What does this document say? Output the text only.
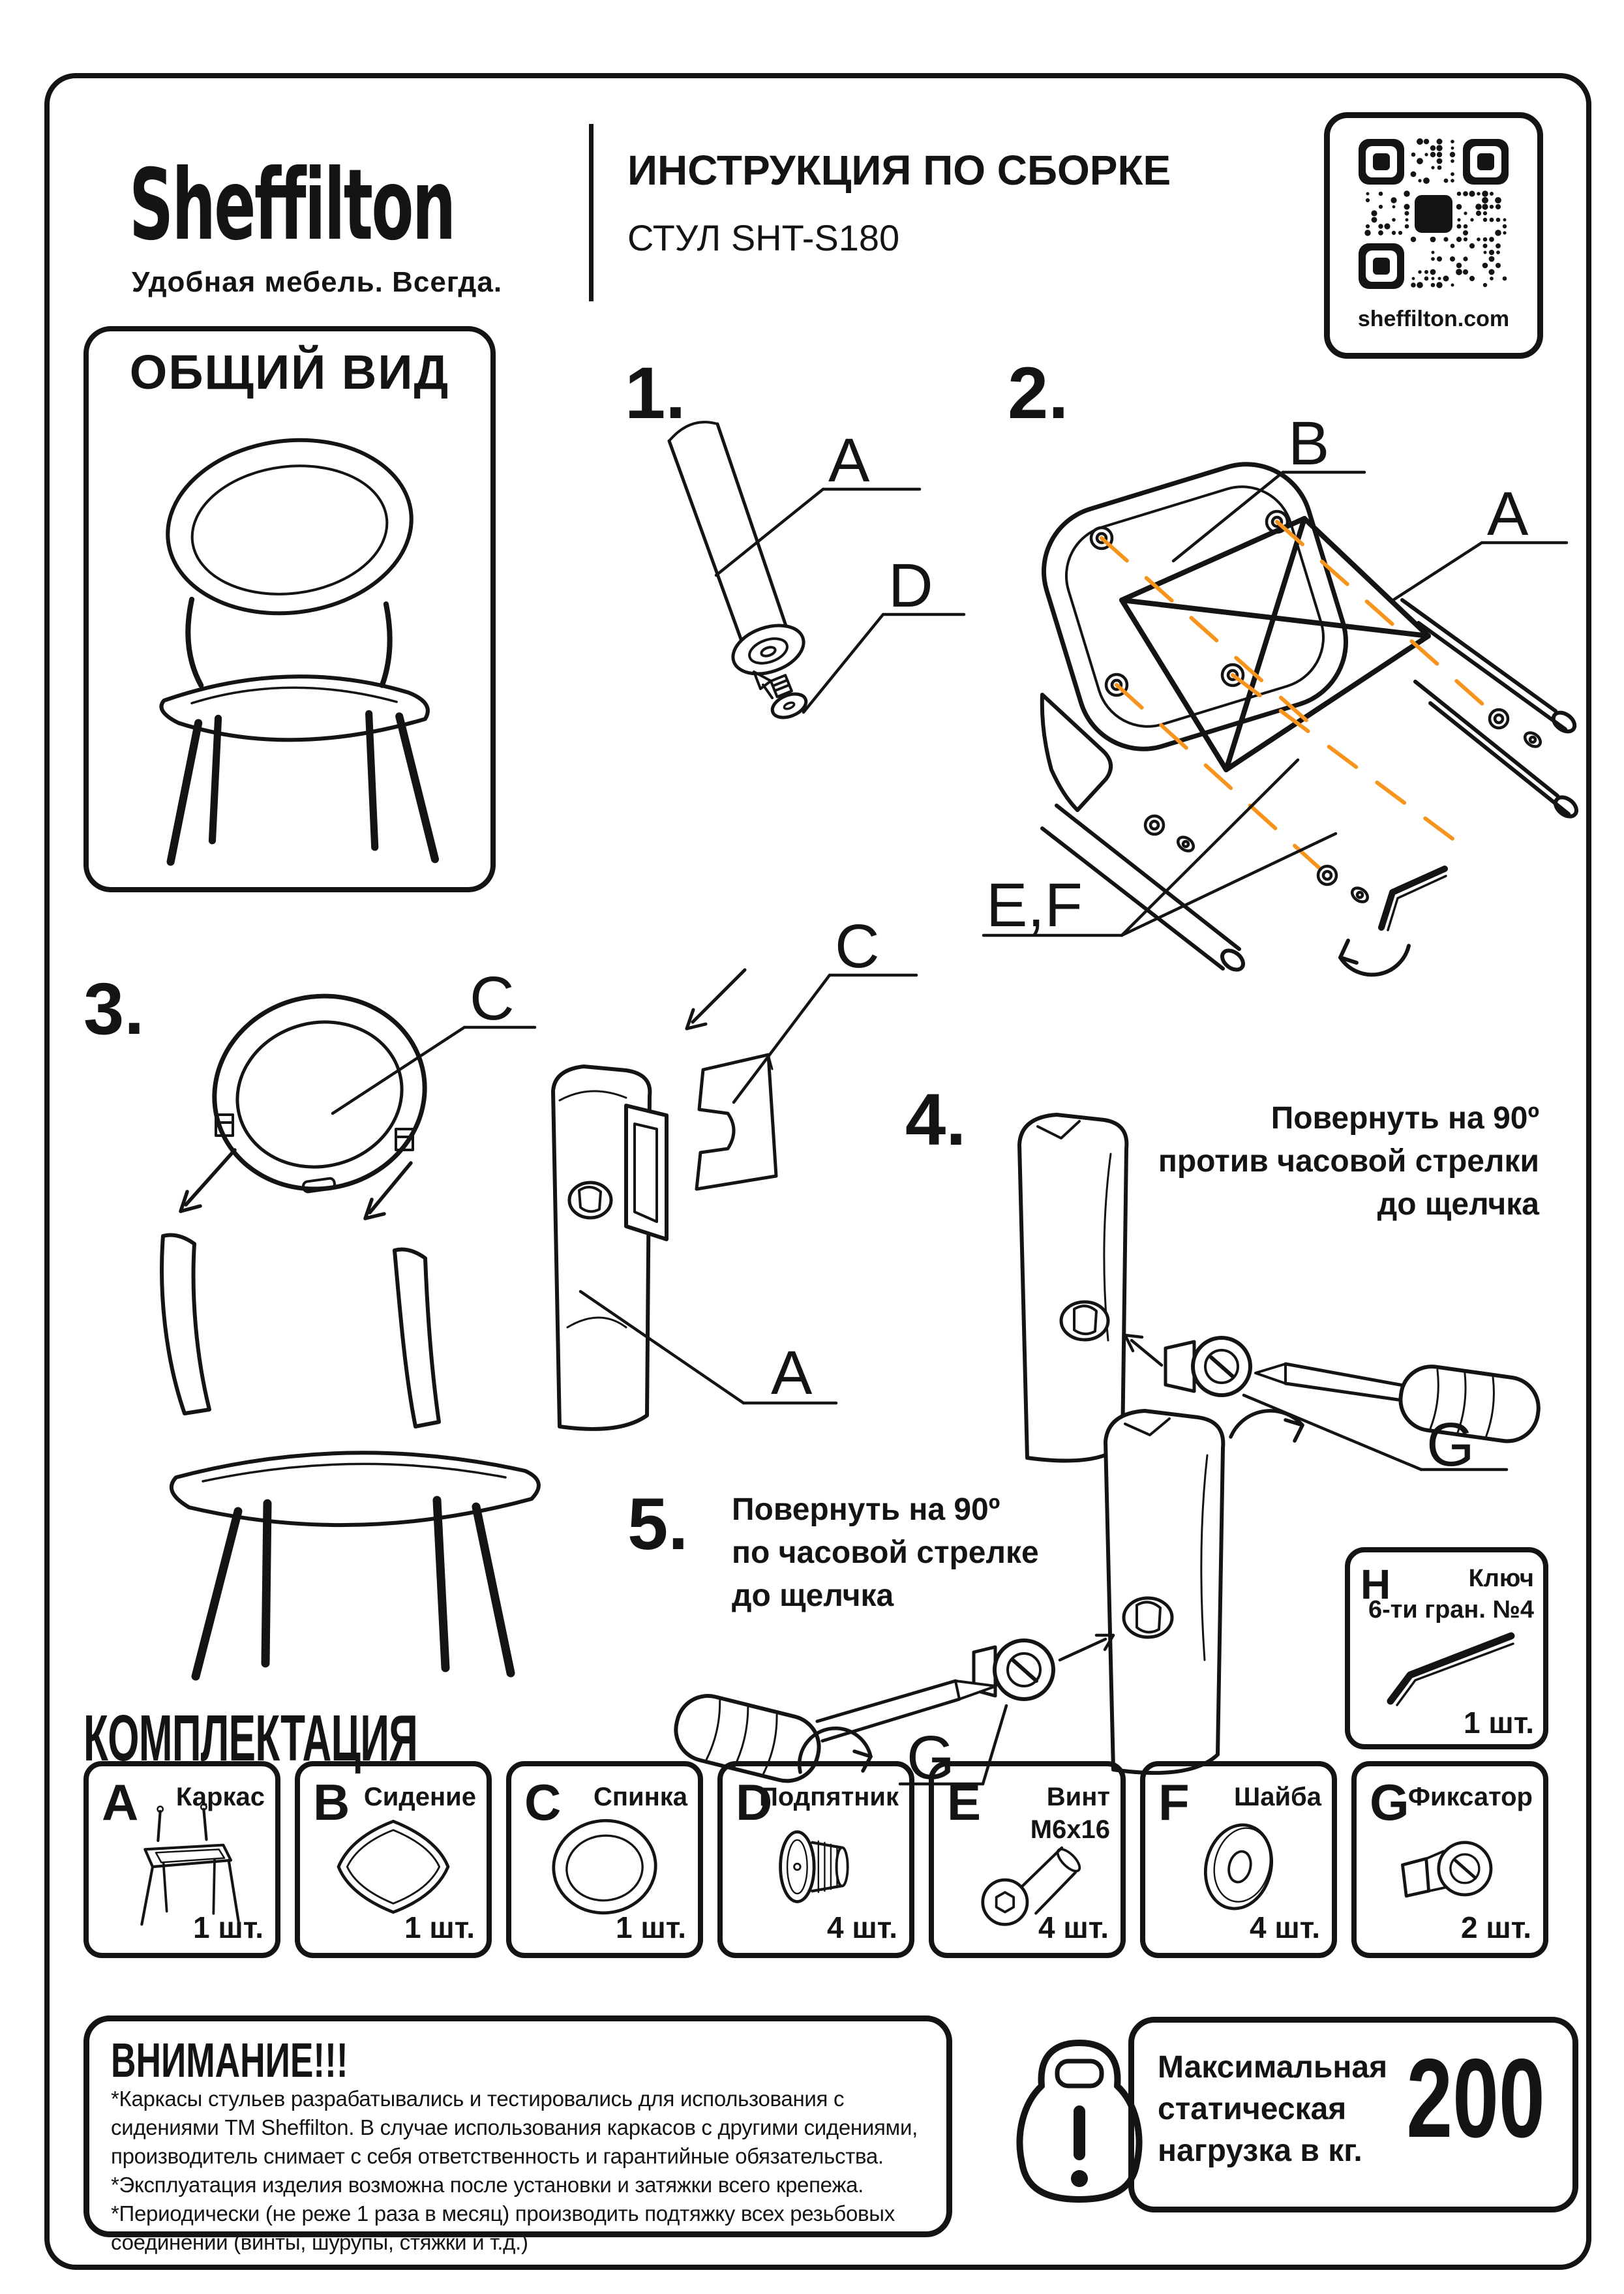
Sheffilton
Удобная мебель. Всегда.
ИНСТРУКЦИЯ ПО СБОРКЕ
СТУЛ SHT-S180
Sh
sheffilton.com
ОБЩИЙ ВИД	1.
A
D
2.
B
A
E,F
3.	C
C
A
4.	Повернуть на 90º
против часовой стрелки
до щелчка
G
5. Повернуть на 90º
по часовой стрелке
до щелчка
G
H	Ключ
6-ти гран. №4
1 шт.
КОМПЛЕКТАЦИЯ
A Каркас
1 шт.
B Сидение
1 шт.
C Спинка
1 шт.
D
Подпятник
4 шт.
E	Винт
М6х16
4 шт.
F Шайба
4 шт.
G
Фиксатор
2 шт.
ВНИМАНИЕ!!!
*Каркасы стульев разрабатывались и тестировались для использования с сидениями ТМ Sheffilton. В случае использования каркасов с другими сидениями, производитель снимает с себя ответственность и гарантийные обязательства.
*Эксплуатация изделия возможна после установки и затяжки всего крепежа.
*Периодически (не реже 1 раза в месяц) производить подтяжку всех резьбовых соединений (винты, шурупы, стяжки и т.д.)
Максимальная
статическая
нагрузка в кг. 200
